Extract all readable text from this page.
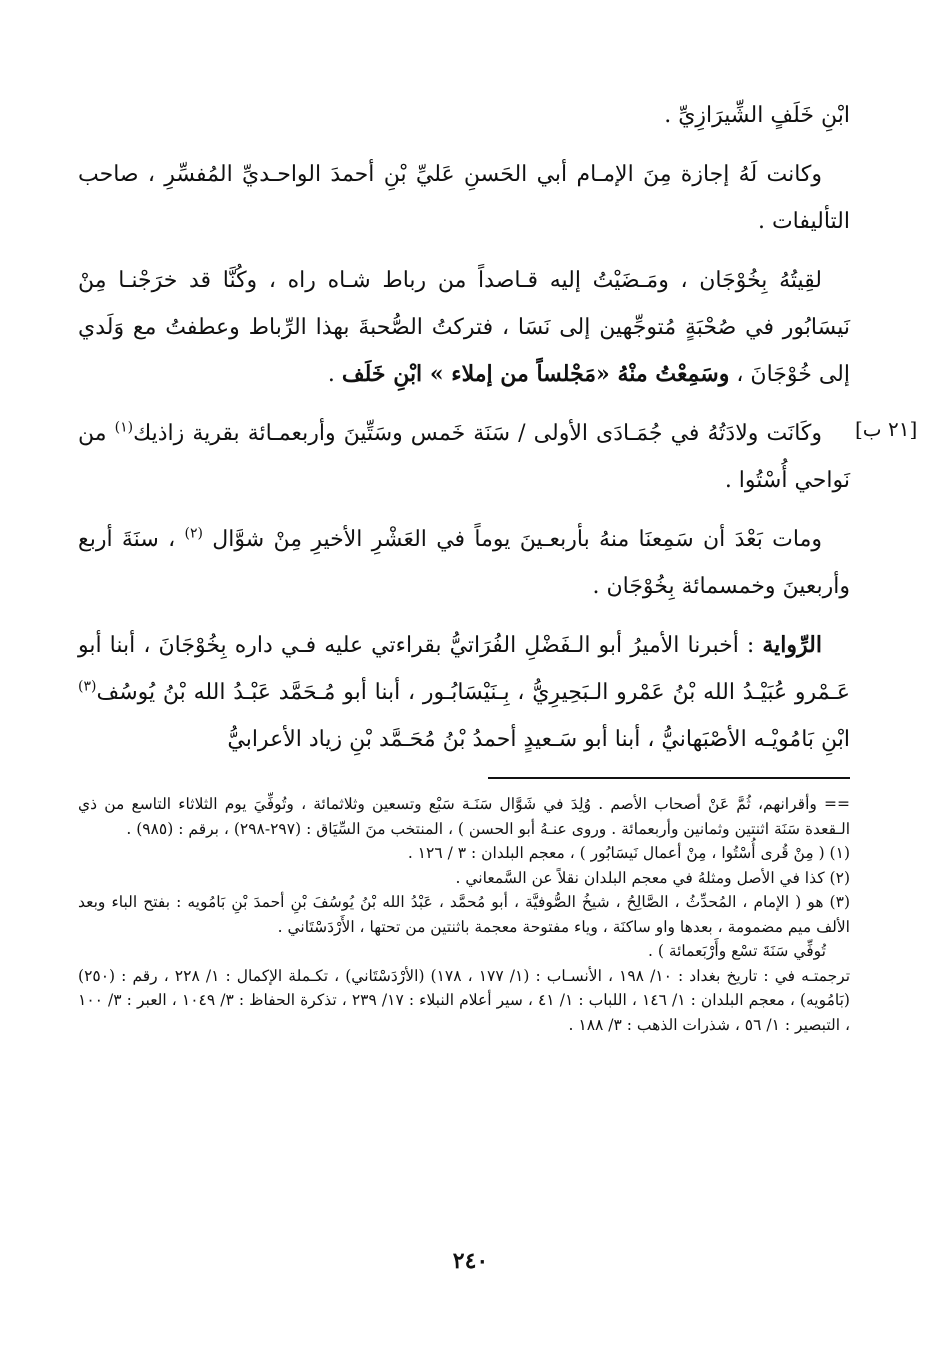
[٢١ ب]

ابْنِ خَلَفٍ الشِّيرَازِيِّ .

وكانت لَهُ إجازة مِنَ الإمـام أبي الحَسنِ عَليِّ بْنِ أحمدَ الواحـديِّ المُفسِّرِ ، صاحب التأليفات .

لقِيتُهُ بِخُوْجَان ، ومَـضَيْتُ إليه قـاصداً من رباط شـاه راه ، وكُنَّا قد خرَجْنـا مِنْ نَيسَابُور في صُحْبَةٍ مُتوجِّهين إلى نَسَا ، فتركتُ الصُّحبةَ بهذا الرِّباط وعطفتُ مع وَلَدي إلى خُوْجَانَ ، وسَمِعْتُ منْهُ «مَجْلساً من إملاء » ابْنِ خَلَف .

وكَانَت ولادَتُهُ في جُمَـادَى الأولى / سَنَة خَمس وسَتِّينَ وأربعمـائة بقرية زاذيك$^{(١)}$ من نَواحي أُسْتُوا .

ومات بَعْدَ أن سَمِعنَا منهُ بأربعـينَ يوماً في العَشْرِ الأخيرِ مِنْ شوَّال $^{(٢)}$ ، سنَةَ أربع وأربعينَ وخمسمائة بِخُوْجَان .

الرِّواية : أخبرنا الأميرُ أبو الـفَضْلِ الفُرَاتيُّ بقراءتي عليه فـي داره بِخُوْجَانَ ، أبنا أبو عَـمْرو عُبَيْـدُ الله بْنُ عَمْرو الـبَحِيرِيُّ ، بِـنَيْسَابُـور ، أبنا أبو مُـحَمَّد عَبْـدُ الله بْنُ يُوسُف$^{(٣)}$ ابْنِ بَامُويْـه الأصْبَهانيُّ ، أبنا أبو سَـعيدٍ أحمدُ بْنُ مُحَـمَّد بْنِ زياد الأعرابيُّ

== وأقرانهم، ثُمَّ عَنْ أصحاب الأصم . وُلِدَ في شَوَّال سَنَـة سَبْع وتسعين وثلاثمائة ، وتُوفِّيَ يوم الثلاثاء التاسع من ذي الـقعدة سَنَة اثنتين وثمانين وأربعمائة . وروى عنـهُ أبو الحسن ) ، المنتخب منَ السِّيَاق : (٢٩٧-٢٩٨) ، برقم : (٩٨٥) .

(١) ( مِنْ قُرى أُسْتُوا ، مِنْ أعمال نَيسَابُور ) ، معجم البلدان : ٣ / ١٢٦ .

(٢) كذا في الأصل ومثلهُ في معجم البلدان نقلاً عن السَّمعاني .

(٣) هو ( الإمام ، المُحدِّثُ ، الصَّالِحُ ، شيخُ الصُّوفيَّة ، أبو مُحمَّد ، عَبْدُ الله بْنُ يُوسُفَ بْنِ أحمدَ بْنِ بَامُويه : بفتح الباء وبعد الألف ميم مضمومة ، بعدها واو ساكنَة ، وياء مفتوحة معجمة باثنتين من تحتها ، الأَرْدَسْتَاني .

تُوفِّي سَنَةَ تسْع وأَرْبَعمائة ) .

ترجمتـه في : تاريخ بغداد : ١٠/ ١٩٨ ، الأنسـاب : (١/ ١٧٧ ، ١٧٨) (الأرْدَسْتَاني) ، تكـملة الإكمال : ١/ ٢٢٨ ، رقم : (٢٥٠) (بَامُويه) ، معجم البلدان : ١/ ١٤٦ ، اللباب : ١/ ٤١ ، سير أعلام النبلاء : ١٧/ ٢٣٩ ، تذكرة الحفاظ : ٣/ ١٠٤٩ ، العبر : ٣/ ١٠٠ ، التبصير : ١/ ٥٦ ، شذرات الذهب : ٣/ ١٨٨ .

٢٤٠
